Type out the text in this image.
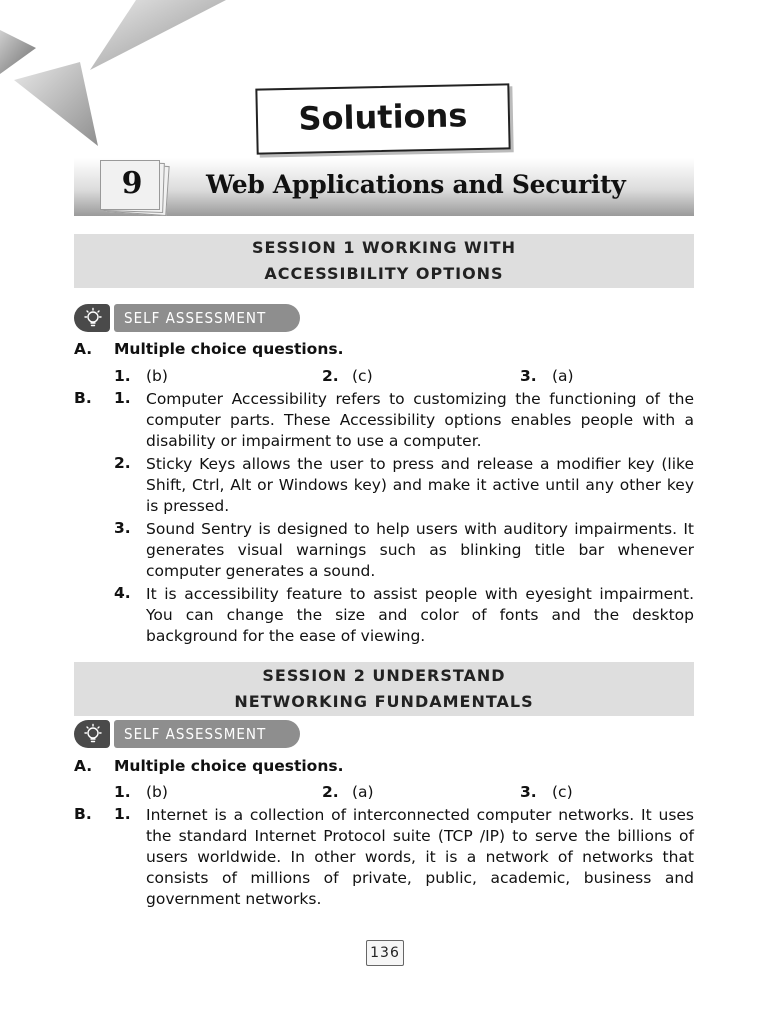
Solutions
9	Web Applications and Security
SESSION 1 WORKING WITH
ACCESSIBILITY OPTIONS
SELF ASSESSMENT
A. Multiple choice questions.
1. (b)	2. (c)	3. (a)
B. 1. Computer Accessibility refers to customizing the functioning of the computer parts. These Accessibility options enables people with a disability or impairment to use a computer.
2. Sticky Keys allows the user to press and release a modifier key (like Shift, Ctrl, Alt or Windows key) and make it active until any other key is pressed.
3. Sound Sentry is designed to help users with auditory impairments. It generates visual warnings such as blinking title bar whenever computer generates a sound.
4. It is accessibility feature to assist people with eyesight impairment. You can change the size and color of fonts and the desktop background for the ease of viewing.
SESSION 2 UNDERSTAND
NETWORKING FUNDAMENTALS
SELF ASSESSMENT
A. Multiple choice questions.
1. (b)	2. (a)	3. (c)
B. 1. Internet is a collection of interconnected computer networks. It uses the standard Internet Protocol suite (TCP /IP) to serve the billions of users worldwide. In other words, it is a network of networks that consists of millions of private, public, academic, business and government networks.
136
